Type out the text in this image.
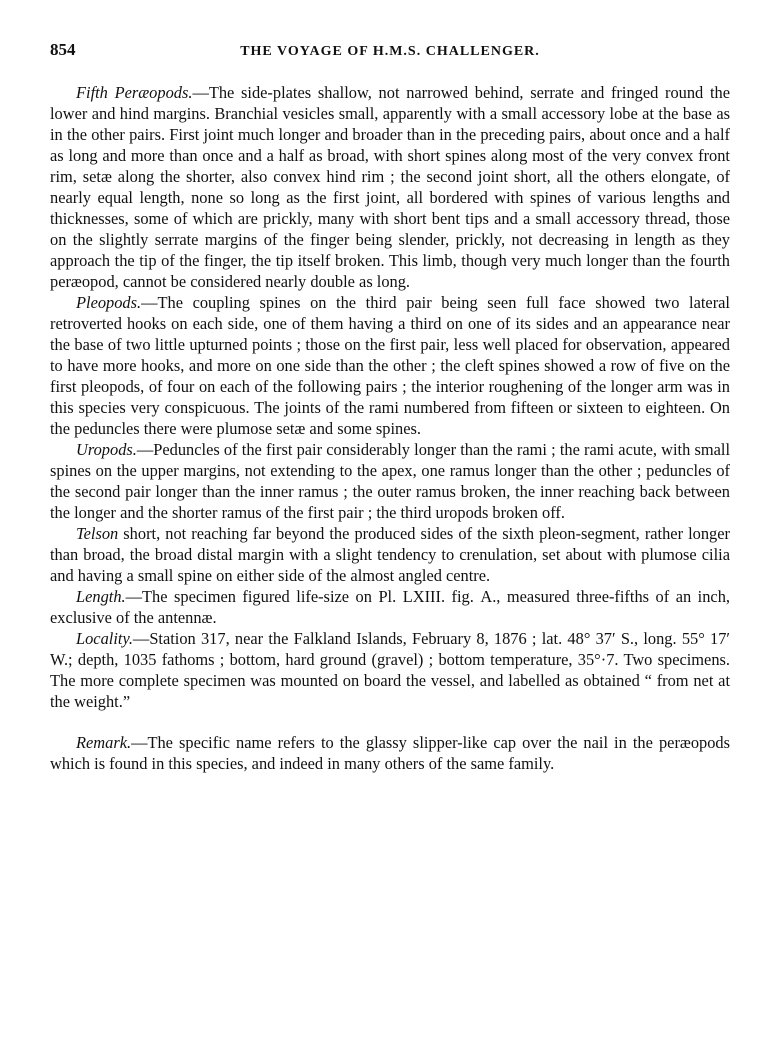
854	THE VOYAGE OF H.M.S. CHALLENGER.

Fifth Peræopods.—The side-plates shallow, not narrowed behind, serrate and fringed round the lower and hind margins. Branchial vesicles small, apparently with a small accessory lobe at the base as in the other pairs. First joint much longer and broader than in the preceding pairs, about once and a half as long and more than once and a half as broad, with short spines along most of the very convex front rim, setæ along the shorter, also convex hind rim ; the second joint short, all the others elongate, of nearly equal length, none so long as the first joint, all bordered with spines of various lengths and thicknesses, some of which are prickly, many with short bent tips and a small accessory thread, those on the slightly serrate margins of the finger being slender, prickly, not decreasing in length as they approach the tip of the finger, the tip itself broken. This limb, though very much longer than the fourth peræopod, cannot be considered nearly double as long.

Pleopods.—The coupling spines on the third pair being seen full face showed two lateral retroverted hooks on each side, one of them having a third on one of its sides and an appearance near the base of two little upturned points ; those on the first pair, less well placed for observation, appeared to have more hooks, and more on one side than the other ; the cleft spines showed a row of five on the first pleopods, of four on each of the following pairs ; the interior roughening of the longer arm was in this species very conspicuous. The joints of the rami numbered from fifteen or sixteen to eighteen. On the peduncles there were plumose setæ and some spines.

Uropods.—Peduncles of the first pair considerably longer than the rami ; the rami acute, with small spines on the upper margins, not extending to the apex, one ramus longer than the other ; peduncles of the second pair longer than the inner ramus ; the outer ramus broken, the inner reaching back between the longer and the shorter ramus of the first pair ; the third uropods broken off.

Telson short, not reaching far beyond the produced sides of the sixth pleon-segment, rather longer than broad, the broad distal margin with a slight tendency to crenulation, set about with plumose cilia and having a small spine on either side of the almost angled centre.

Length.—The specimen figured life-size on Pl. LXIII. fig. A., measured three-fifths of an inch, exclusive of the antennæ.

Locality.—Station 317, near the Falkland Islands, February 8, 1876 ; lat. 48° 37′ S., long. 55° 17′ W.; depth, 1035 fathoms ; bottom, hard ground (gravel) ; bottom temperature, 35°·7. Two specimens. The more complete specimen was mounted on board the vessel, and labelled as obtained “ from net at the weight.”

Remark.—The specific name refers to the glassy slipper-like cap over the nail in the peræopods which is found in this species, and indeed in many others of the same family.
